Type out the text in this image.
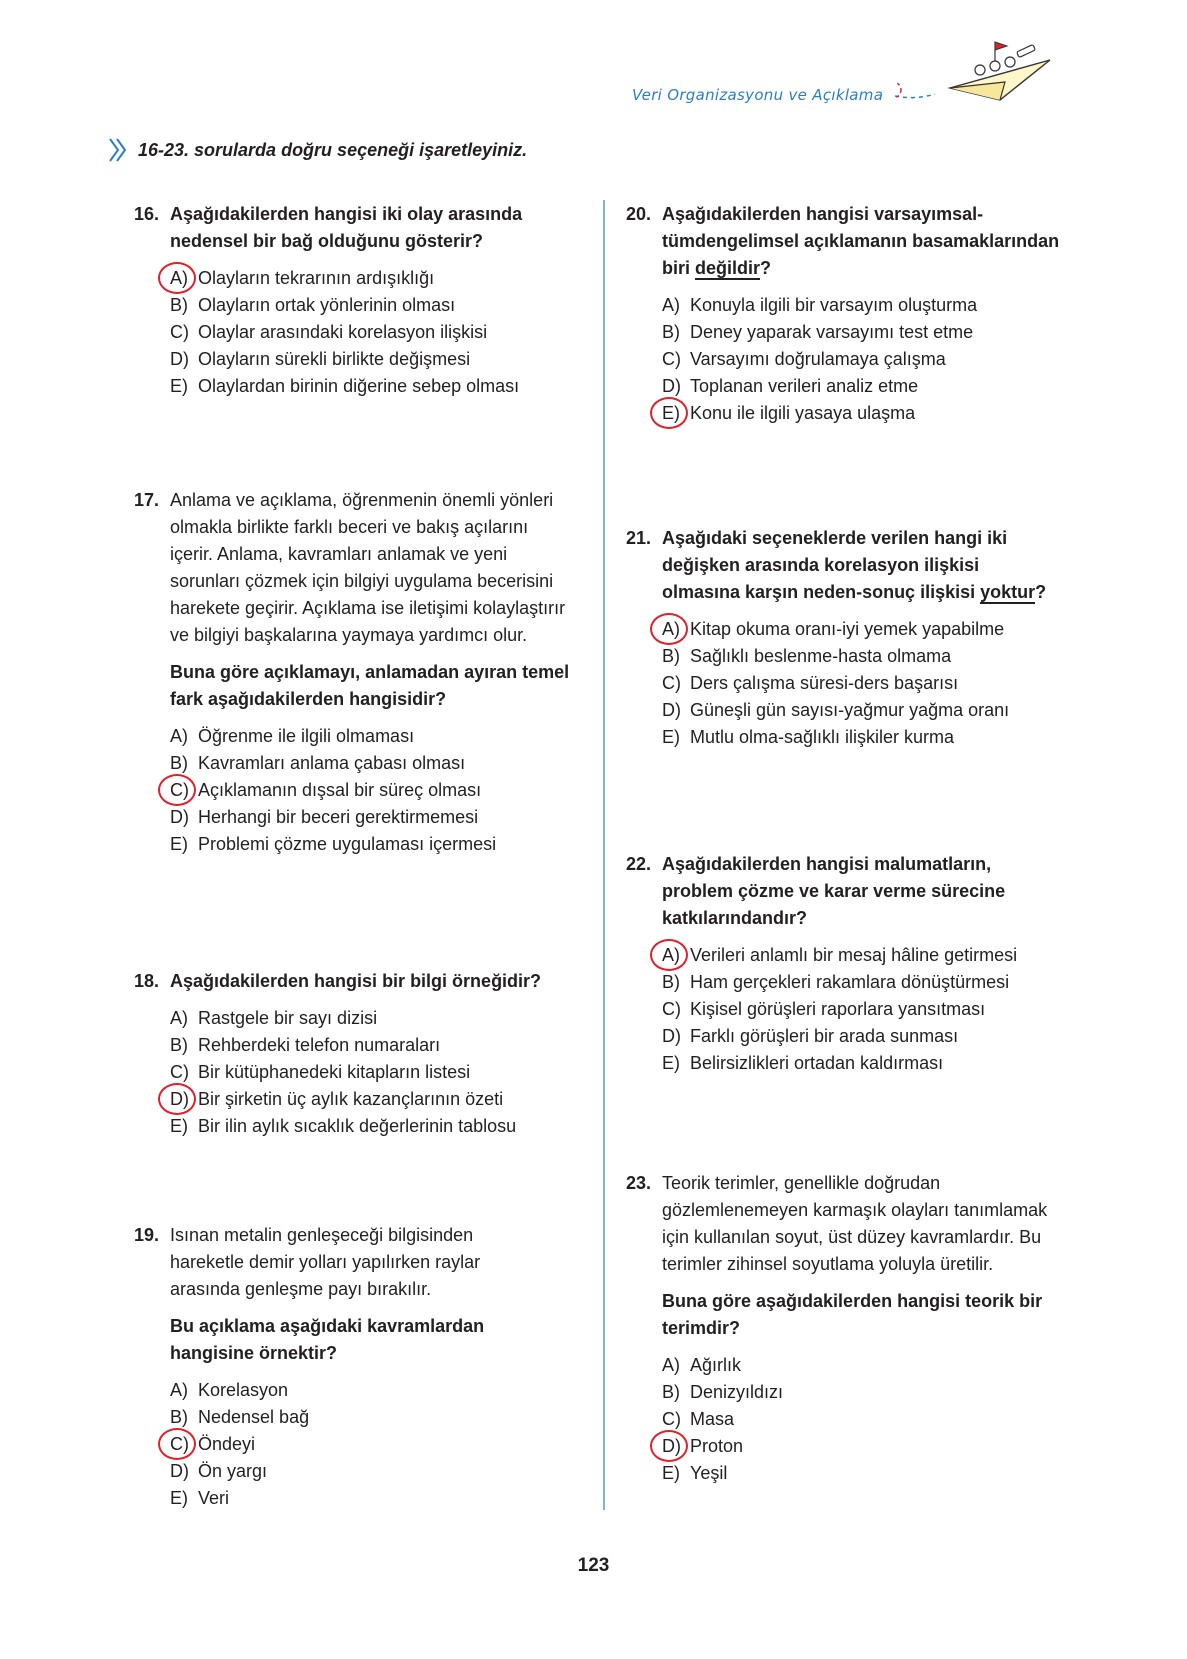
Veri Organizasyonu ve Açıklama
16-23. sorularda doğru seçeneği işaretleyiniz.
16. Aşağıdakilerden hangisi iki olay arasında nedensel bir bağ olduğunu gösterir?
A) Olayların tekrarının ardışıklığı
B) Olayların ortak yönlerinin olması
C) Olaylar arasındaki korelasyon ilişkisi
D) Olayların sürekli birlikte değişmesi
E) Olaylardan birinin diğerine sebep olması
17. Anlama ve açıklama, öğrenmenin önemli yönleri olmakla birlikte farklı beceri ve bakış açılarını içerir. Anlama, kavramları anlamak ve yeni sorunları çözmek için bilgiyi uygulama becerisini harekete geçirir. Açıklama ise iletişimi kolaylaştırır ve bilgiyi başkalarına yaymaya yardımcı olur.
Buna göre açıklamayı, anlamadan ayıran temel fark aşağıdakilerden hangisidir?
A) Öğrenme ile ilgili olmaması
B) Kavramları anlama çabası olması
C) Açıklamanın dışsal bir süreç olması
D) Herhangi bir beceri gerektirmemesi
E) Problemi çözme uygulaması içermesi
18. Aşağıdakilerden hangisi bir bilgi örneğidir?
A) Rastgele bir sayı dizisi
B) Rehberdeki telefon numaraları
C) Bir kütüphanedeki kitapların listesi
D) Bir şirketin üç aylık kazançlarının özeti
E) Bir ilin aylık sıcaklık değerlerinin tablosu
19. Isınan metalin genleşeceği bilgisinden hareketle demir yolları yapılırken raylar arasında genleşme payı bırakılır.
Bu açıklama aşağıdaki kavramlardan hangisine örnektir?
A) Korelasyon
B) Nedensel bağ
C) Öndeyi
D) Ön yargı
E) Veri
20. Aşağıdakilerden hangisi varsayımsal-tümdengelimsel açıklamanın basamaklarından biri değildir?
A) Konuyla ilgili bir varsayım oluşturma
B) Deney yaparak varsayımı test etme
C) Varsayımı doğrulamaya çalışma
D) Toplanan verileri analiz etme
E) Konu ile ilgili yasaya ulaşma
21. Aşağıdaki seçeneklerde verilen hangi iki değişken arasında korelasyon ilişkisi olmasına karşın neden-sonuç ilişkisi yoktur?
A) Kitap okuma oranı-iyi yemek yapabilme
B) Sağlıklı beslenme-hasta olmama
C) Ders çalışma süresi-ders başarısı
D) Güneşli gün sayısı-yağmur yağma oranı
E) Mutlu olma-sağlıklı ilişkiler kurma
22. Aşağıdakilerden hangisi malumatların, problem çözme ve karar verme sürecine katkılarındandır?
A) Verileri anlamlı bir mesaj hâline getirmesi
B) Ham gerçekleri rakamlara dönüştürmesi
C) Kişisel görüşleri raporlara yansıtması
D) Farklı görüşleri bir arada sunması
E) Belirsizlikleri ortadan kaldırması
23. Teorik terimler, genellikle doğrudan gözlemlenemeyen karmaşık olayları tanımlamak için kullanılan soyut, üst düzey kavramlardır. Bu terimler zihinsel soyutlama yoluyla üretilir.
Buna göre aşağıdakilerden hangisi teorik bir terimdir?
A) Ağırlık
B) Denizyıldızı
C) Masa
D) Proton
E) Yeşil
123
